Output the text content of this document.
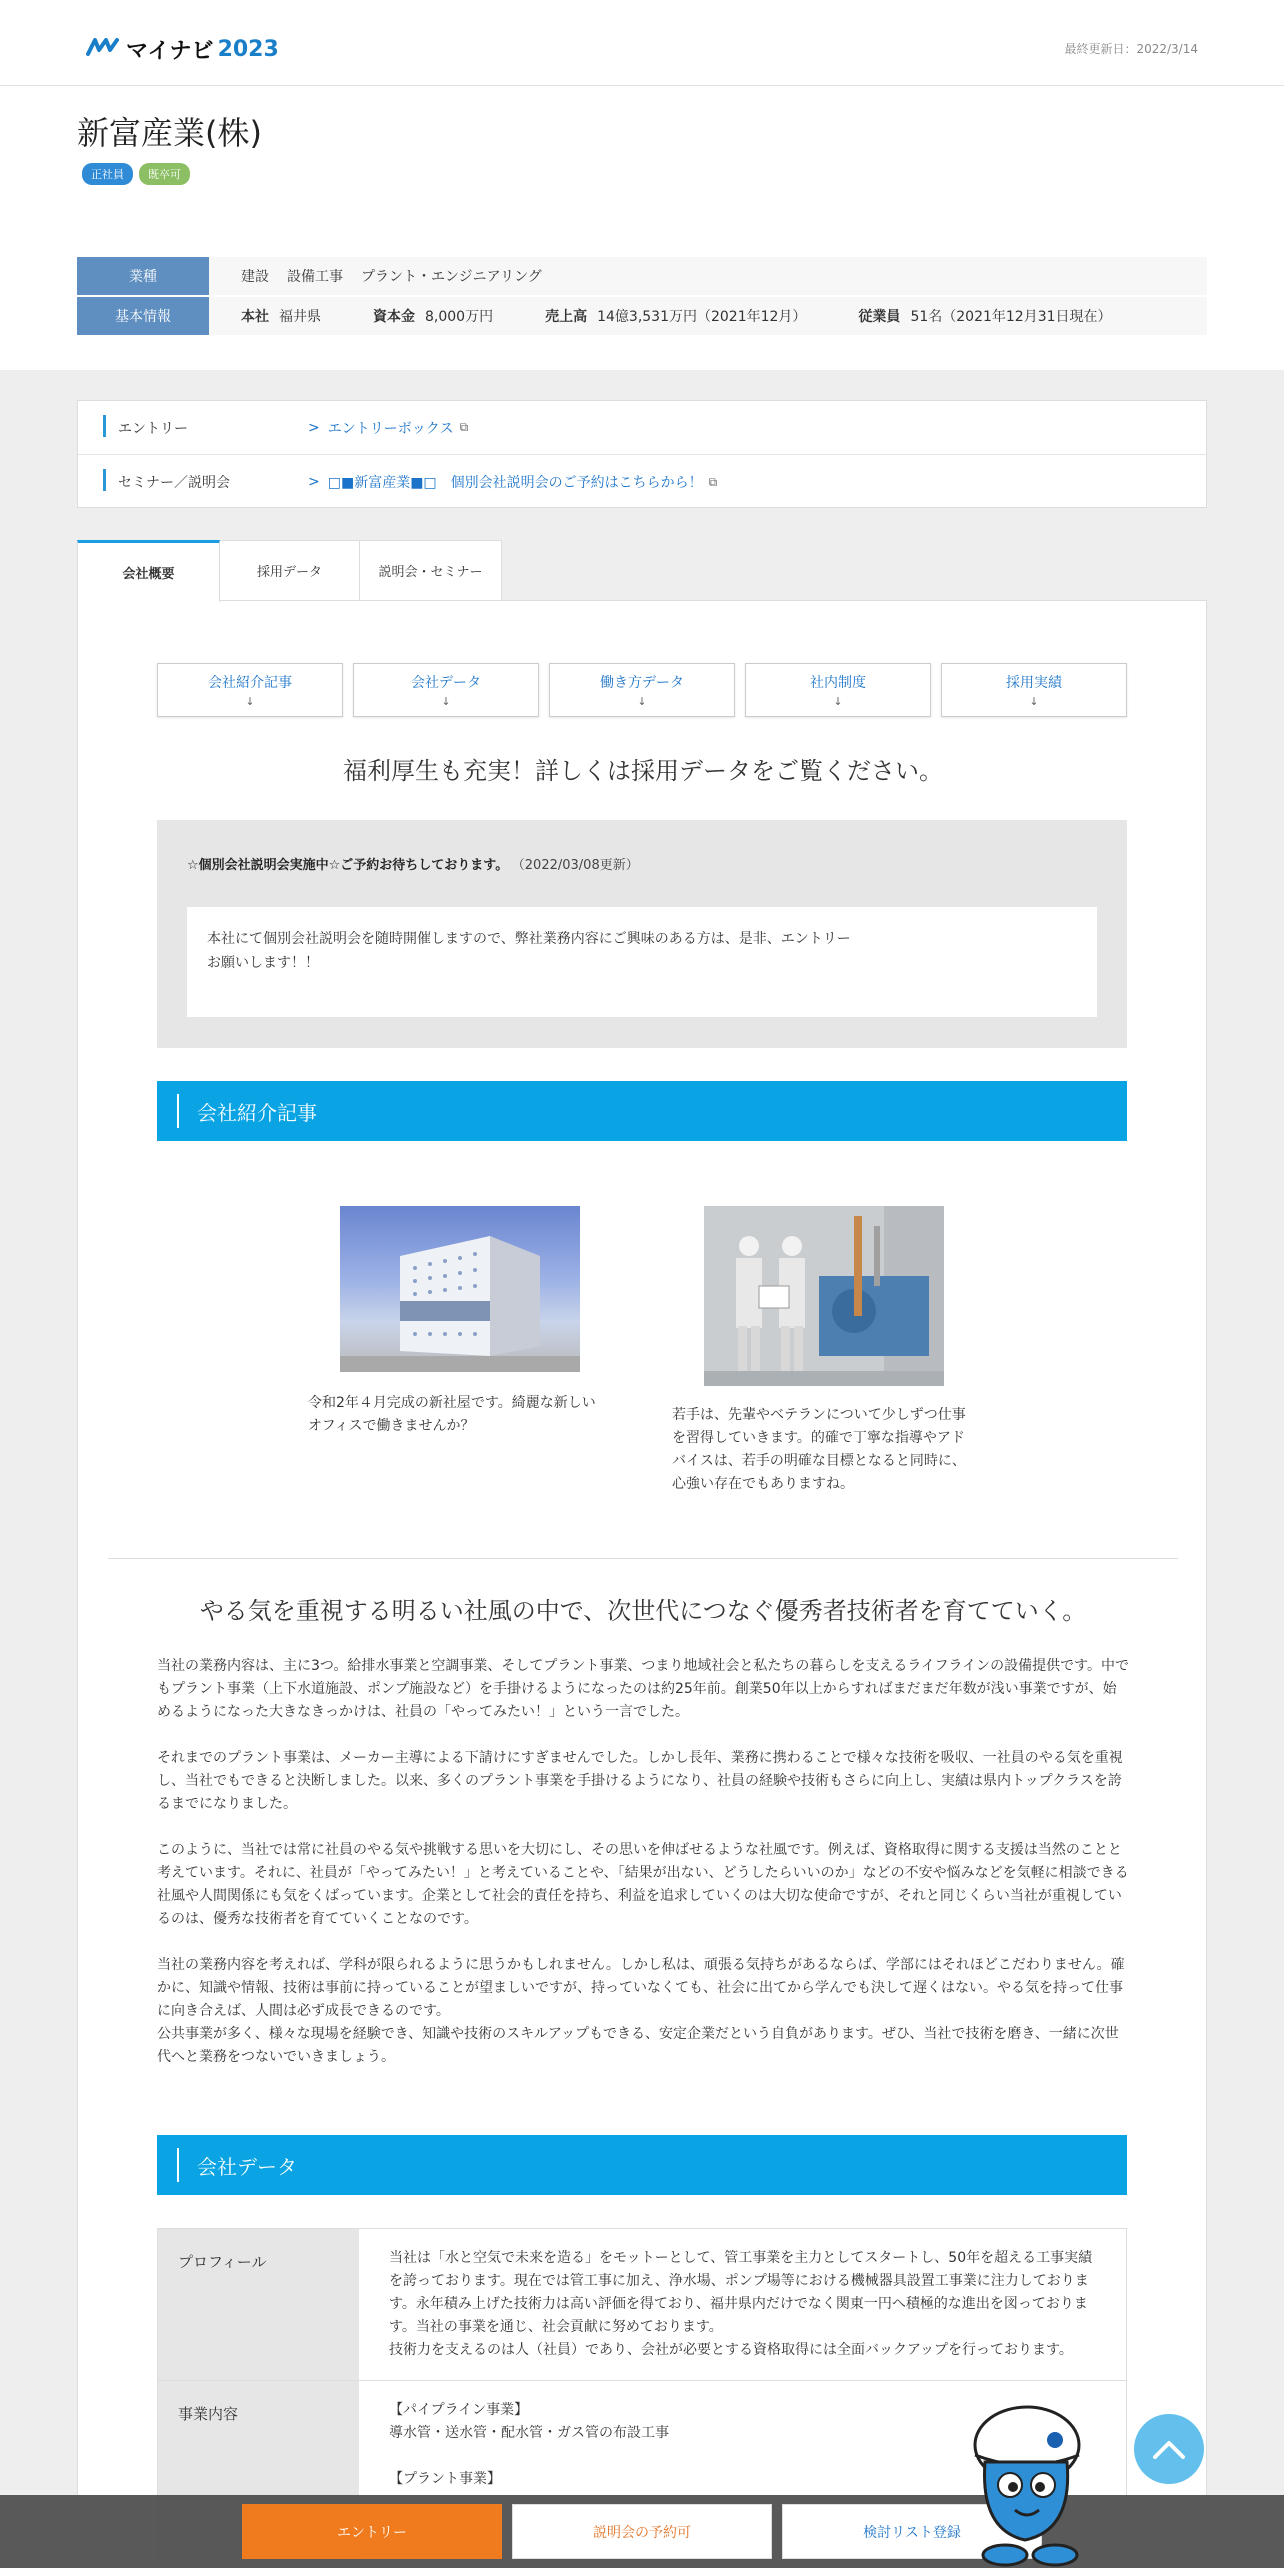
マイナビ 2023	最終更新日：2022/3/14
新富産業(株)
正社員	既卒可
業種	建設 設備工事 プラント・エンジニアリング
基本情報	本社 福井県	資本金 8,000万円	売上高 14億3,531万円（2021年12月）	従業員 51名（2021年12月31日現在）
エントリー	> エントリーボックス ⧉
セミナー／説明会	> □■新富産業■□　個別会社説明会のご予約はこちらから！ ⧉
会社概要	採用データ	説明会・セミナー
会社紹介記事
↓
会社データ
↓
働き方データ
↓
社内制度
↓
採用実績
↓
福利厚生も充実！詳しくは採用データをご覧ください。
☆個別会社説明会実施中☆ご予約お待ちしております。 （2022/03/08更新）

本社にて個別会社説明会を随時開催しますので、弊社業務内容にご興味のある方は、是非、エントリーお願いします！！

会社紹介記事
令和2年４月完成の新社屋です。綺麗な新しいオフィスで働きませんか？
若手は、先輩やベテランについて少しずつ仕事を習得していきます。的確で丁寧な指導やアドバイスは、若手の明確な目標となると同時に、心強い存在でもありますね。
やる気を重視する明るい社風の中で、次世代につなぐ優秀者技術者を育てていく。

当社の業務内容は、主に3つ。給排水事業と空調事業、そしてプラント事業、つまり地域社会と私たちの暮らしを支えるライフラインの設備提供です。中でもプラント事業（上下水道施設、ポンプ施設など）を手掛けるようになったのは約25年前。創業50年以上からすればまだまだ年数が浅い事業ですが、始めるようになった大きなきっかけは、社員の「やってみたい！」という一言でした。

それまでのプラント事業は、メーカー主導による下請けにすぎませんでした。しかし長年、業務に携わることで様々な技術を吸収、一社員のやる気を重視し、当社でもできると決断しました。以来、多くのプラント事業を手掛けるようになり、社員の経験や技術もさらに向上し、実績は県内トップクラスを誇るまでになりました。

このように、当社では常に社員のやる気や挑戦する思いを大切にし、その思いを伸ばせるような社風です。例えば、資格取得に関する支援は当然のことと考えています。それに、社員が「やってみたい！」と考えていることや、「結果が出ない、どうしたらいいのか」などの不安や悩みなどを気軽に相談できる社風や人間関係にも気をくばっています。企業として社会的責任を持ち、利益を追求していくのは大切な使命ですが、それと同じくらい当社が重視しているのは、優秀な技術者を育てていくことなのです。

当社の業務内容を考えれば、学科が限られるように思うかもしれません。しかし私は、頑張る気持ちがあるならば、学部にはそれほどこだわりません。確かに、知識や情報、技術は事前に持っていることが望ましいですが、持っていなくても、社会に出てから学んでも決して遅くはない。やる気を持って仕事に向き合えば、人間は必ず成長できるのです。

公共事業が多く、様々な現場を経験でき、知識や技術のスキルアップもできる、安定企業だという自負があります。ぜひ、当社で技術を磨き、一緒に次世代へと業務をつないでいきましょう。

会社データ
プロフィール	当社は「水と空気で未来を造る」をモットーとして、管工事業を主力としてスタートし、50年を超える工事実績を誇っております。現在では管工事に加え、浄水場、ポンプ場等における機械器具設置工事業に注力しております。永年積み上げた技術力は高い評価を得ており、福井県内だけでなく関東一円へ積極的な進出を図っております。当社の事業を通じ、社会貢献に努めております。
技術力を支えるのは人（社員）であり、会社が必要とする資格取得には全面バックアップを行っております。
事業内容	【パイプライン事業】
導水管・送水管・配水管・ガス管の布設工事
【プラント事業】
エントリー	説明会の予約可	検討リスト登録
